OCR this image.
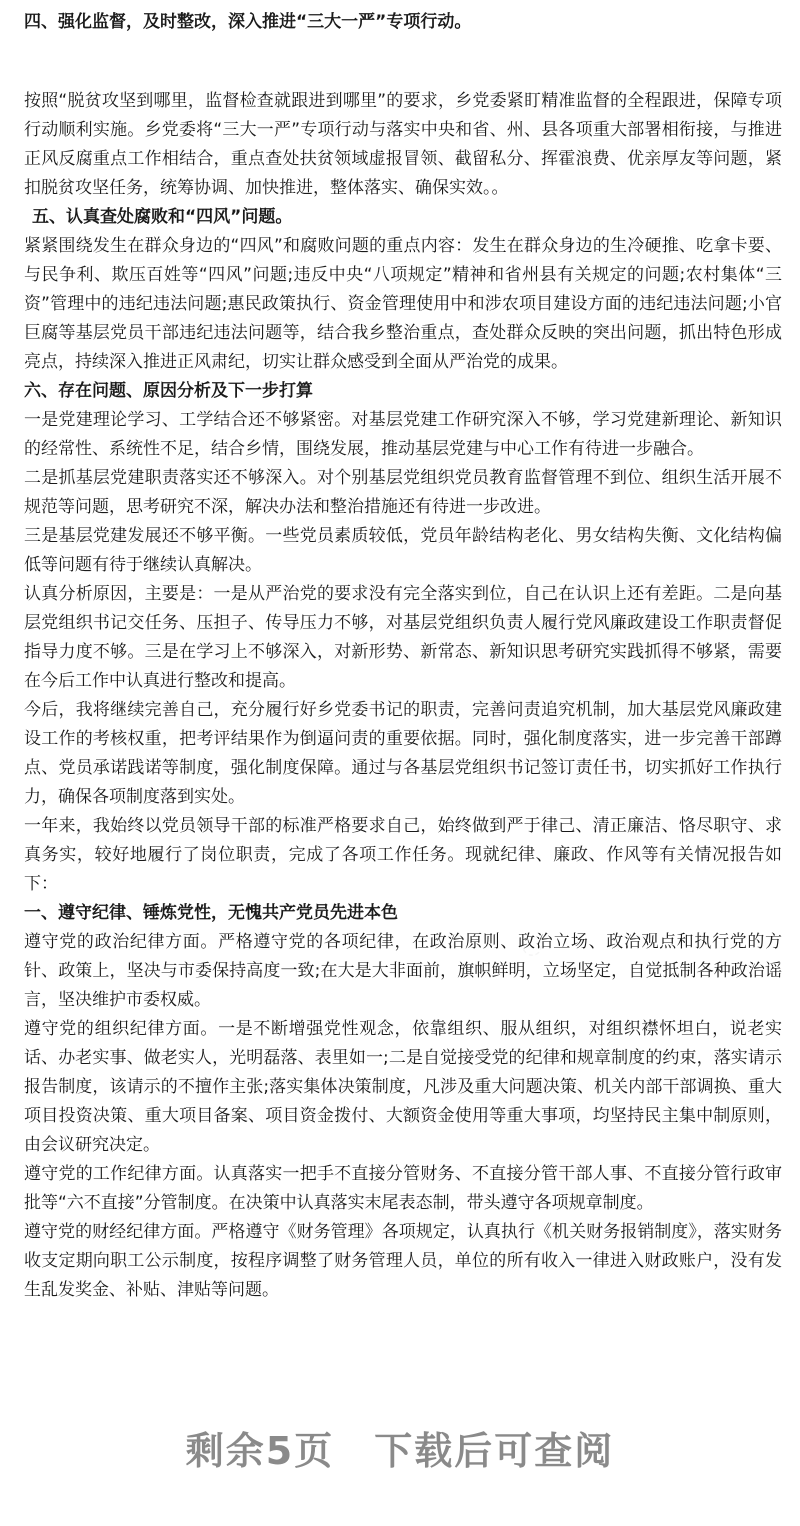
四、强化监督，及时整改，深入推进“三大一严”专项行动。

按照“脱贫攻坚到哪里，监督检查就跟进到哪里”的要求，乡党委紧盯精准监督的全程跟进，保障专项行动顺利实施。乡党委将“三大一严”专项行动与落实中央和省、州、县各项重大部署相衔接，与推进正风反腐重点工作相结合，重点查处扶贫领域虚报冒领、截留私分、挥霍浪费、优亲厚友等问题，紧扣脱贫攻坚任务，统筹协调、加快推进，整体落实、确保实效。。

五、认真查处腐败和“四风”问题。

紧紧围绕发生在群众身边的“四风”和腐败问题的重点内容：发生在群众身边的生冷硬推、吃拿卡要、与民争利、欺压百姓等“四风”问题;违反中央“八项规定”精神和省州县有关规定的问题;农村集体“三资”管理中的违纪违法问题;惠民政策执行、资金管理使用中和涉农项目建设方面的违纪违法问题;小官巨腐等基层党员干部违纪违法问题等，结合我乡整治重点，查处群众反映的突出问题，抓出特色形成亮点，持续深入推进正风肃纪，切实让群众感受到全面从严治党的成果。

六、存在问题、原因分析及下一步打算

一是党建理论学习、工学结合还不够紧密。对基层党建工作研究深入不够，学习党建新理论、新知识的经常性、系统性不足，结合乡情，围绕发展，推动基层党建与中心工作有待进一步融合。

二是抓基层党建职责落实还不够深入。对个别基层党组织党员教育监督管理不到位、组织生活开展不规范等问题，思考研究不深，解决办法和整治措施还有待进一步改进。

三是基层党建发展还不够平衡。一些党员素质较低，党员年龄结构老化、男女结构失衡、文化结构偏低等问题有待于继续认真解决。

认真分析原因，主要是：一是从严治党的要求没有完全落实到位，自己在认识上还有差距。二是向基层党组织书记交任务、压担子、传导压力不够，对基层党组织负责人履行党风廉政建设工作职责督促指导力度不够。三是在学习上不够深入，对新形势、新常态、新知识思考研究实践抓得不够紧，需要在今后工作中认真进行整改和提高。

今后，我将继续完善自己，充分履行好乡党委书记的职责，完善问责追究机制，加大基层党风廉政建设工作的考核权重，把考评结果作为倒逼问责的重要依据。同时，强化制度落实，进一步完善干部蹲点、党员承诺践诺等制度，强化制度保障。通过与各基层党组织书记签订责任书，切实抓好工作执行力，确保各项制度落到实处。

一年来，我始终以党员领导干部的标准严格要求自己，始终做到严于律己、清正廉洁、恪尽职守、求真务实，较好地履行了岗位职责，完成了各项工作任务。现就纪律、廉政、作风等有关情况报告如下：

一、遵守纪律、锤炼党性，无愧共产党员先进本色

遵守党的政治纪律方面。严格遵守党的各项纪律，在政治原则、政治立场、政治观点和执行党的方针、政策上，坚决与市委保持高度一致;在大是大非面前，旗帜鲜明，立场坚定，自觉抵制各种政治谣言，坚决维护市委权威。

遵守党的组织纪律方面。一是不断增强党性观念，依靠组织、服从组织，对组织襟怀坦白，说老实话、办老实事、做老实人，光明磊落、表里如一;二是自觉接受党的纪律和规章制度的约束，落实请示报告制度，该请示的不擅作主张;落实集体决策制度，凡涉及重大问题决策、机关内部干部调换、重大项目投资决策、重大项目备案、项目资金拨付、大额资金使用等重大事项，均坚持民主集中制原则，由会议研究决定。

遵守党的工作纪律方面。认真落实一把手不直接分管财务、不直接分管干部人事、不直接分管行政审批等“六不直接”分管制度。在决策中认真落实末尾表态制，带头遵守各项规章制度。

遵守党的财经纪律方面。严格遵守《财务管理》各项规定，认真执行《机关财务报销制度》，落实财务收支定期向职工公示制度，按程序调整了财务管理人员，单位的所有收入一律进入财政账户，没有发生乱发奖金、补贴、津贴等问题。

剩余5页 下载后可查阅
